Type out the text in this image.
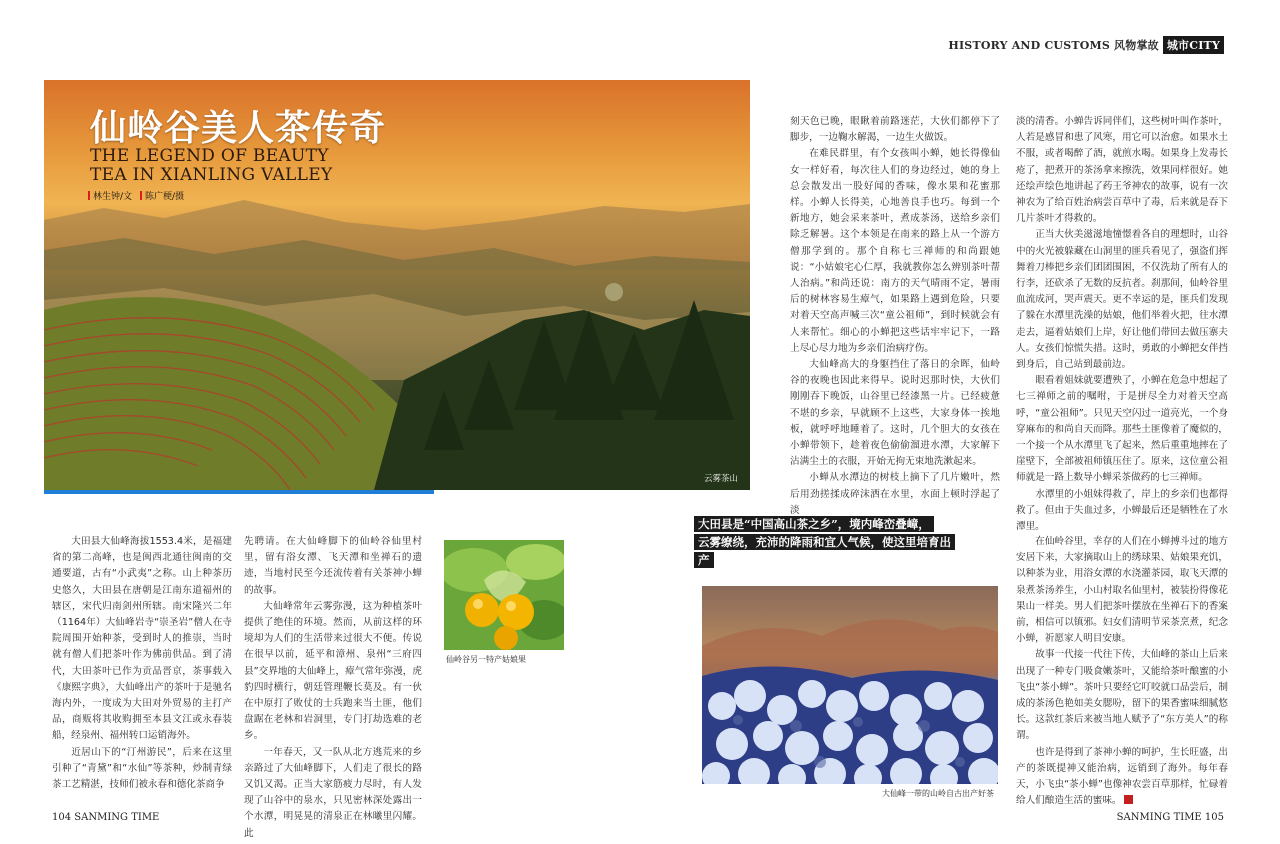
HISTORY AND CUSTOMS 风物掌故 城市CITY
仙岭谷美人茶传奇
THE LEGEND OF BEAUTY
TEA IN XIANLING VALLEY
林生钟/文	陈广梗/摄
云雾茶山

大田县大仙峰海拔1553.4米，是福建省的第二高峰，也是闽西北通往闽南的交通要道，古有“小武夷”之称。山上种茶历史悠久，大田县在唐朝是江南东道福州的辖区，宋代归南剑州所辖。南宋隆兴二年（1164年）大仙峰岩寺“崇圣岩”僧人在寺院周围开始种茶，受到时人的推崇，当时就有僧人们把茶叶作为佛前供品。到了清代，大田茶叶已作为贡品晋京，茶事载入《康熙字典》，大仙峰出产的茶叶于是驰名海内外，一度成为大田对外贸易的主打产品，商贩将其收购拥至本县文江或永春装船，经泉州、福州转口运销海外。

近居山下的“汀州游民”，后来在这里引种了“青黛”和“水仙”等茶种，炒制青绿茶工艺精湛，技师们被永春和德化茶商争

先聘请。在大仙峰脚下的仙岭谷仙里村里，留有浴女潭、飞天潭和坐禅石的遗迹，当地村民至今还流传着有关茶神小蝉的故事。

大仙峰常年云雾弥漫，这为种植茶叶提供了绝佳的环境。然而，从前这样的环境却为人们的生活带来过很大不便。传说在很早以前，延平和漳州、泉州“三府四县”交界地的大仙峰上，瘴气常年弥漫，虎豹四时横行，朝廷管理鞭长莫及。有一伙在中原打了败仗的士兵跑来当土匪，他们盘踞在老林和岩洞里，专门打劫选难的老乡。

一年春天，又一队从北方逃荒来的乡亲路过了大仙峰脚下，人们走了很长的路又饥又渴。正当大家筋疲力尽时，有人发现了山谷中的泉水，只见密林深处露出一个水潭，明晃晃的清泉正在林曦里闪耀。此

刻天色已晚，眼瞅着前路迷茫，大伙们都停下了脚步，一边鞠水解渴，一边生火做饭。

在难民群里，有个女孩叫小蝉，她长得像仙女一样好看，每次往人们的身边经过，她的身上总会散发出一股好闻的香味，像水果和花蜜那样。小蝉人长得美，心地善良手也巧。每到一个新地方，她会采来茶叶，煮成茶汤，送给乡亲们除乏解暑。这个本领是在南来的路上从一个游方僧那学到的。那个自称七三禅师的和尚跟她说：“小姑娘宅心仁厚，我就教你怎么辨别茶叶帮人治病。”和尚还说：南方的天气晴雨不定，暑雨后的树林容易生瘴气，如果路上遇到危险，只要对着天空高声喊三次“童公祖师”，到时候就会有人来帮忙。细心的小蝉把这些话牢牢记下，一路上尽心尽力地为乡亲们治病疗伤。

大仙峰高大的身躯挡住了落日的余晖，仙岭谷的夜晚也因此来得早。说时迟那时快，大伙们刚刚吞下晚饭，山谷里已经漆黑一片。已经疲惫不堪的乡亲，早就顾不上这些，大家身体一挨地板，就呼呼地睡着了。这时，几个胆大的女孩在小蝉带领下，趁着夜色偷偷溜进水潭，大家解下沾满尘土的衣服，开始无拘无束地洗漱起来。

小蝉从水潭边的树枝上摘下了几片嫩叶，然后用劲搓揉成碎沫洒在水里，水面上顿时浮起了淡

淡的清香。小蝉告诉同伴们，这些树叶叫作茶叶，人若是感冒和患了风寒，用它可以治愈。如果水土不服，或者喝醉了酒，就煎水喝。如果身上发毒长疮了，把煮开的茶汤拿来擦洗，效果同样很好。她还绘声绘色地讲起了药王爷神农的故事，说有一次神农为了给百姓治病尝百草中了毒，后来就是吞下几片茶叶才得救的。

正当大伙美滋滋地憧憬着各自的理想时，山谷中的火光被躲藏在山洞里的匪兵看见了，强盗们挥舞着刀棒把乡亲们团团围困，不仅洗劫了所有人的行李，还砍杀了无数的反抗者。刹那间，仙岭谷里血流成河，哭声震天。更不幸运的是，匪兵们发现了躲在水潭里洗澡的姑娘，他们举着火把，往水潭走去，逼着姑娘们上岸，好让他们带回去做压寨夫人。女孩们惊慌失措。这时，勇敢的小蝉把女伴挡到身后，自己站到最前边。

眼看着姐妹就要遭殃了，小蝉在危急中想起了七三禅师之前的嘱咐，于是拼尽全力对着天空高呼，“童公祖师”。只见天空闪过一道亮光，一个身穿麻布的和尚自天而降。那些土匪像着了魔似的，一个接一个从水潭里飞了起来，然后重重地摔在了崖壁下，全部被祖师镇压住了。原来，这位童公祖师就是一路上数导小蝉采茶做药的七三禅师。

水潭里的小姐妹得救了，岸上的乡亲们也都得救了。但由于失血过多，小蝉最后还是牺牲在了水潭里。

在仙岭谷里，幸存的人们在小蝉搏斗过的地方安居下来，大家摘取山上的绣球果、姑娘果充饥，以种茶为业，用浴女潭的水浇灌茶园，取飞天潭的泉煮茶汤养生，小山村取名仙里村，被装扮得像花果山一样美。男人们把茶叶摆放在坐禅石下的香案前，相信可以镇邪。妇女们清明节采茶烹煮，纪念小蝉，祈愿家人明目安康。

故事一代接一代往下传，大仙峰的茶山上后来出现了一种专门吸食嫩茶叶，又能给茶叶酿蜜的小飞虫“茶小蝉”。茶叶只要经它叮咬就口品尝后，制成的茶汤色艳如美女腮吩，留下的果香蜜味细腻悠长。这款红茶后来被当地人赋予了“东方美人”的称谓。

也许是得到了茶神小蝉的呵护，生长旺盛，出产的茶既提神又能治病，远销到了海外。每年春天，小飞虫“茶小蝉”也像神农尝百草那样，忙碌着给人们酿造生活的蜜味。

大田县是“中国高山茶之乡”，境内峰峦叠嶂，
云雾缭绕，充沛的降雨和宜人气候，使这里培育出产
仙岭谷另一特产姑娘果
大仙峰一带的山岭自古出产好茶
104 SANMING TIME	SANMING TIME 105
